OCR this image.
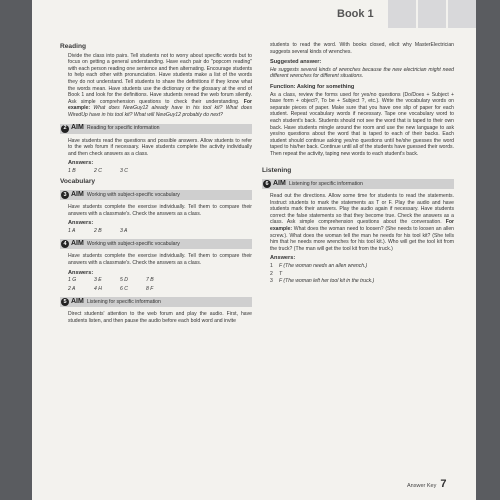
Book 1
Reading
Divide the class into pairs. Tell students not to worry about specific words but to focus on getting a general understanding. Have each pair do "popcorn reading" with each person reading one sentence and then alternating. Encourage students to help each other with pronunciation. Have students make a list of the words they do not understand. Tell students to share the definitions if they know what the words mean. Have students use the dictionary or the glossary at the end of Book 1 and look for the definitions. Have students reread the web forum silently. Ask simple comprehension questions to check their understanding. For example: What does NewGuy12 already have in his tool kit? What does WiredUp have in his tool kit? What will NewGuy12 probably do next?
2 AIM Reading for specific information
Have students read the questions and possible answers. Allow students to refer to the web forum if necessary. Have students complete the activity individually and then check answers as a class.
Answers:
1 B	2 C	3 C
Vocabulary
3 AIM Working with subject-specific vocabulary
Have students complete the exercise individually. Tell them to compare their answers with a classmate's. Check the answers as a class.
Answers:
1 A	2 B	3 A
4 AIM Working with subject-specific vocabulary
Have students complete the exercise individually. Tell them to compare their answers with a classmate's. Check the answers as a class.
Answers:
1 G	3 E	5 D	7 B
2 A	4 H	6 C	8 F
5 AIM Listening for specific information
Direct students' attention to the web forum and play the audio. First, have students listen, and then pause the audio before each bold word and invite
students to read the word. With books closed, elicit why MasterElectrician suggests several kinds of wrenches.
Suggested answer:
He suggests several kinds of wrenches because the new electrician might need different wrenches for different situations.
Function: Asking for something
As a class, review the forms used for yes/no questions (Do/Does + Subject + base form + object?, To be + Subject ?, etc.). Write the vocabulary words on separate pieces of paper. Make sure that you have one slip of paper for each student. Repeat vocabulary words if necessary. Tape one vocabulary word to each student's back. Students should not see the word that is taped to their own back. Have students mingle around the room and use the new language to ask yes/no questions about the word that is taped to each of their backs. Each student should continue asking yes/no questions until he/she guesses the word taped to his/her back. Continue until all of the students have guessed their words. Then repeat the activity, taping new words to each student's back.
Listening
6 AIM Listening for specific information
Read out the directions. Allow some time for students to read the statements. Instruct students to mark the statements as T or F. Play the audio and have students mark their answers. Play the audio again if necessary. Have students correct the false statements so that they become true. Check the answers as a class. Ask simple comprehension questions about the conversation. For example: What does the woman need to loosen? (She needs to loosen an allen screw.). What does the woman tell the man he needs for his tool kit? (She tells him that he needs more wrenches for his tool kit.). Who will get the tool kit from the truck? (The man will get the tool kit from the truck.)
Answers:
1	F (The woman needs an allen wrench.)
2	T
3	F (The woman left her tool kit in the truck.)
Answer Key 7
